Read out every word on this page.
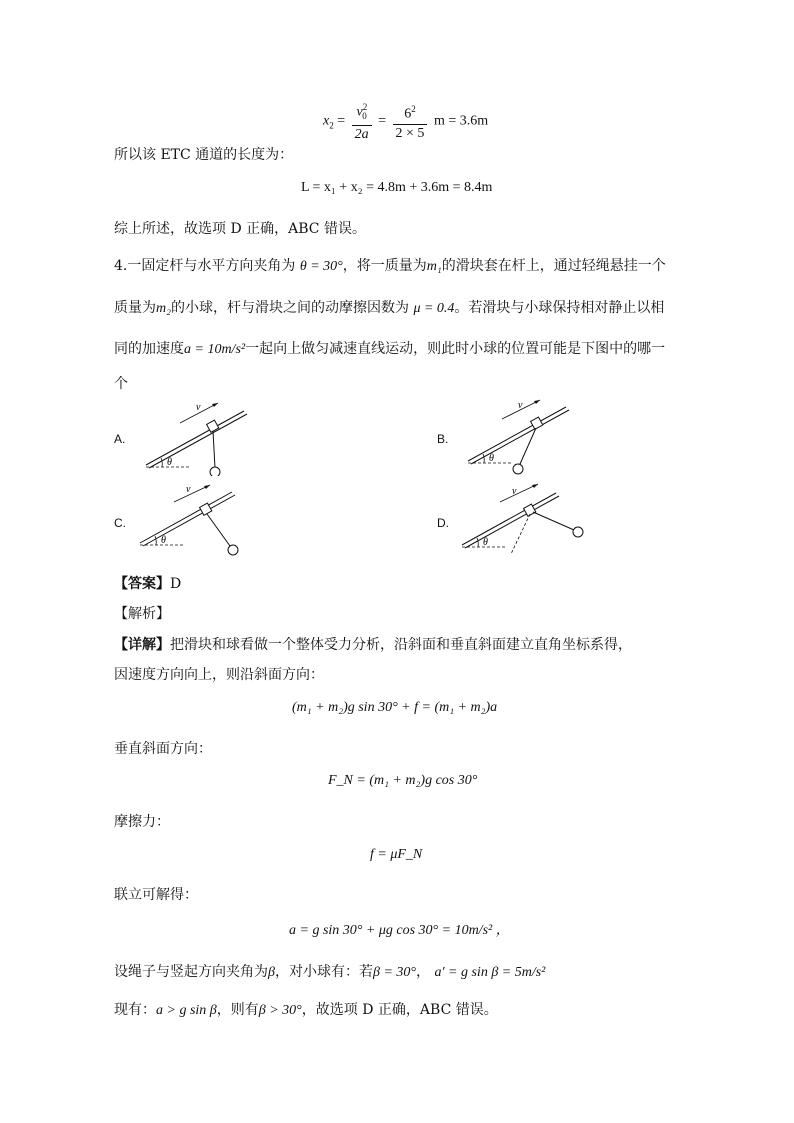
$x_2 = \frac{v^2_0}{2a} = \frac{6^2}{2 \times 5}$ m = 3.6m
所以该 ETC 通道的长度为：
L = x₁ + x₂ = 4.8m + 3.6m = 8.4m
综上所述，故选项 D 正确，ABC 错误。
4.一固定杆与水平方向夹角为 θ = 30°，将一质量为m₁的滑块套在杆上，通过轻绳悬挂一个
质量为m₂的小球，杆与滑块之间的动摩擦因数为 μ = 0.4。若滑块与小球保持相对静止以相
同的加速度a = 10m/s²一起向上做匀减速直线运动，则此时小球的位置可能是下图中的哪一
个
A.	B.
C.	D.
θ
v
θ
v
θ
v
θ
v
【答案】D
【解析】
【详解】把滑块和球看做一个整体受力分析，沿斜面和垂直斜面建立直角坐标系得，
因速度方向向上，则沿斜面方向：
(m₁ + m₂)g sin 30° + f = (m₁ + m₂)a
垂直斜面方向：
F_N = (m₁ + m₂)g cos 30°
摩擦力：
f = μF_N
联立可解得：
a = g sin 30° + μg cos 30° = 10m/s² ，
设绳子与竖起方向夹角为β，对小球有：若β = 30°， a′ = g sin β = 5m/s²
现有：a > g sin β，则有β > 30°，故选项 D 正确，ABC 错误。
